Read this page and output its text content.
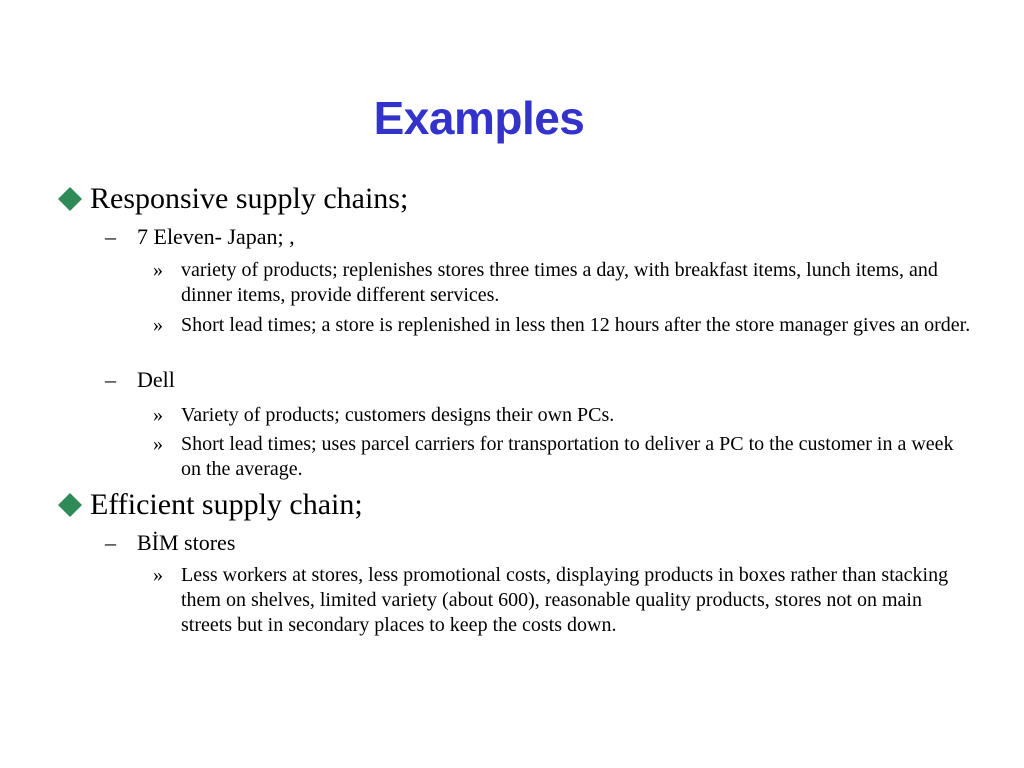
Examples
Responsive supply chains;
– 7 Eleven- Japan; ,
» variety of products; replenishes stores three times a day, with breakfast items, lunch items, and dinner items, provide different services.
» Short lead times; a store is replenished in less then 12 hours after the store manager gives an order.
– Dell
» Variety of products; customers designs their own PCs.
» Short lead times; uses parcel carriers for transportation to deliver a PC to the customer in a week on the average.
Efficient supply chain;
– BİM stores
» Less workers at stores, less promotional costs, displaying products in boxes rather than stacking them on shelves, limited variety (about 600), reasonable quality products, stores not on main streets but in secondary places to keep the costs down.
